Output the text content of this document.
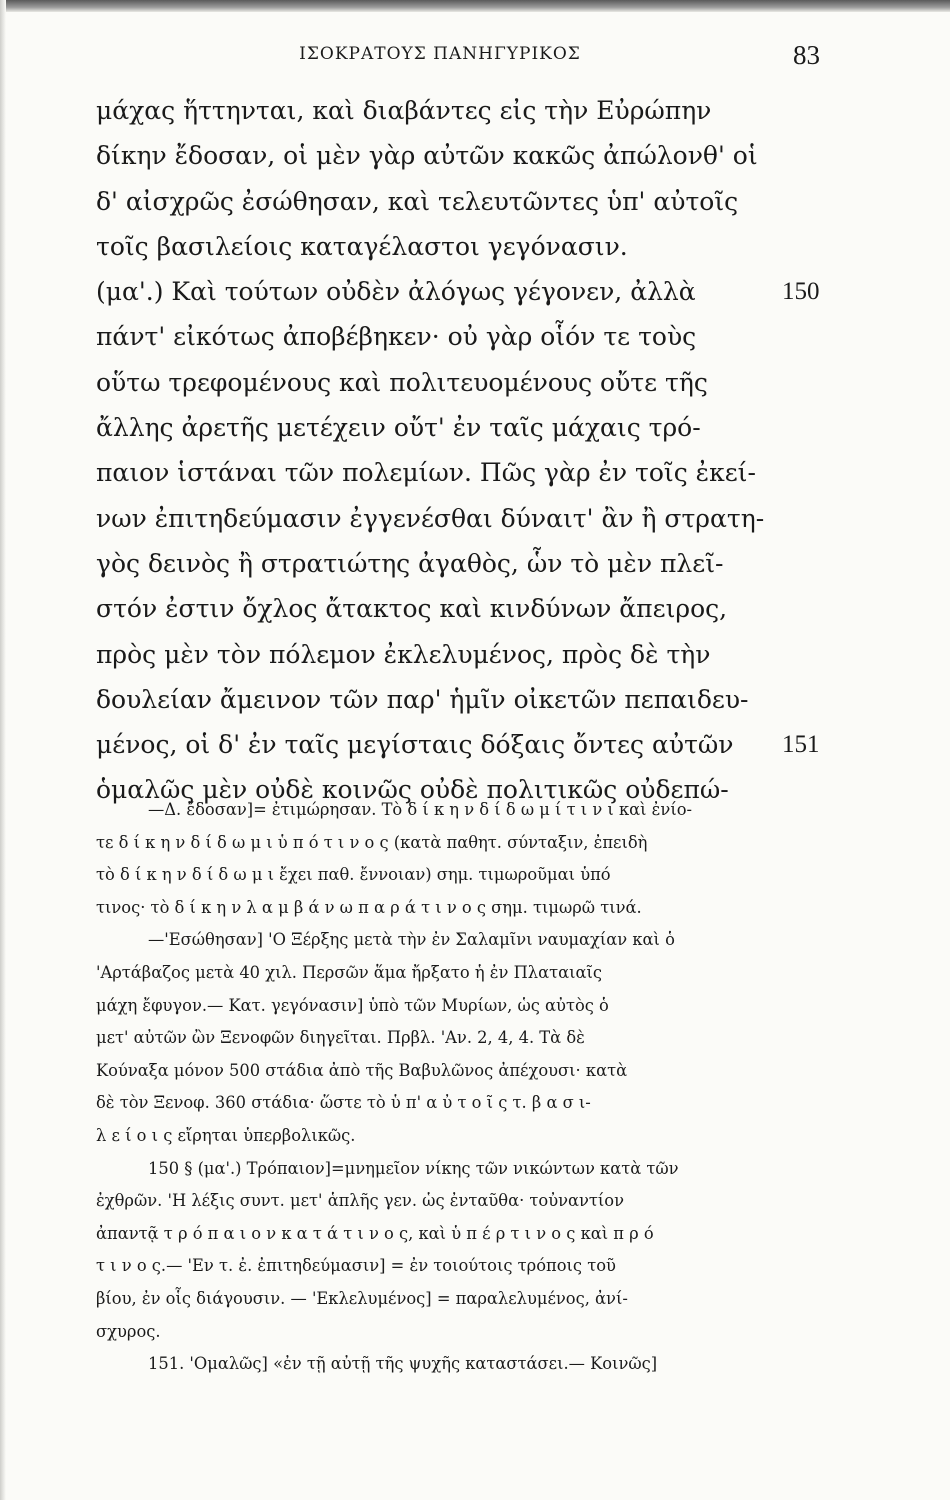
ΙΣΟΚΡΑΤΟΥΣ ΠΑΝΗΓΥΡΙΚΟΣ	83
μάχας ἥττηνται, καὶ διαβάντες εἰς τὴν Εὐρώπην
δίκην ἔδοσαν, οἱ μὲν γὰρ αὐτῶν κακῶς ἀπώλονθ' οἱ
δ' αἰσχρῶς ἐσώθησαν, καὶ τελευτῶντες ὑπ' αὐτοῖς
τοῖς βασιλείοις καταγέλαστοι γεγόνασιν.
(μα'.) Καὶ τούτων οὐδὲν ἀλόγως γέγονεν, ἀλλὰ	150
πάντ' εἰκότως ἀποβέβηκεν· οὐ γὰρ οἷόν τε τοὺς
οὕτω τρεφομένους καὶ πολιτευομένους οὔτε τῆς
ἄλλης ἀρετῆς μετέχειν οὔτ' ἐν ταῖς μάχαις τρό-
παιον ἱστάναι τῶν πολεμίων. Πῶς γὰρ ἐν τοῖς ἐκεί-
νων ἐπιτηδεύμασιν ἐγγενέσθαι δύναιτ' ἂν ἢ στρατη-
γὸς δεινὸς ἢ στρατιώτης ἀγαθὸς, ὧν τὸ μὲν πλεῖ-
στόν ἐστιν ὄχλος ἄτακτος καὶ κινδύνων ἄπειρος,
πρὸς μὲν τὸν πόλεμον ἐκλελυμένος, πρὸς δὲ τὴν
δουλείαν ἄμεινον τῶν παρ' ἡμῖν οἰκετῶν πεπαιδευ-
μένος, οἱ δ' ἐν ταῖς μεγίσταις δόξαις ὄντες αὐτῶν 151
ὁμαλῶς μὲν οὐδὲ κοινῶς οὐδὲ πολιτικῶς οὐδεπώ-
—Δ. ἔδοσαν]= ἐτιμώρησαν. Τὸ δ ί κ η ν δ ί δ ω μ ί τ ι ν ι καὶ ἐνίο-
τε δ ί κ η ν δ ί δ ω μ ι ὑ π ό τ ι ν ο ς (κατὰ παθητ. σύνταξιν, ἐπειδὴ
τὸ δ ί κ η ν δ ί δ ω μ ι ἔχει παθ. ἔννοιαν) σημ. τιμωροῦμαι ὑπό
τινος· τὸ δ ί κ η ν λ α μ β ά ν ω π α ρ ά τ ι ν ο ς σημ. τιμωρῶ τινά.
—'Εσώθησαν] 'Ο Ξέρξης μετὰ τὴν ἐν Σαλαμῖνι ναυμαχίαν καὶ ὁ
'Αρτάβαζος μετὰ 40 χιλ. Περσῶν ἅμα ἤρξατο ἡ ἐν Πλαταιαῖς
μάχη ἔφυγον.— Κατ. γεγόνασιν] ὑπὸ τῶν Μυρίων, ὡς αὐτὸς ὁ
μετ' αὐτῶν ὢν Ξενοφῶν διηγεῖται. Πρβλ. 'Αν. 2, 4, 4. Τὰ δὲ
Κούναξα μόνον 500 στάδια ἀπὸ τῆς Βαβυλῶνος ἀπέχουσι· κατὰ
δὲ τὸν Ξενοφ. 360 στάδια· ὥστε τὸ ὑ π' α ὐ τ ο ῖ ς τ. β α σ ι-
λ ε ί ο ι ς εἴρηται ὑπερβολικῶς.
150 § (μα'.) Τρόπαιον]=μνημεῖον νίκης τῶν νικώντων κατὰ τῶν
ἐχθρῶν. 'Η λέξις συντ. μετ' ἁπλῆς γεν. ὡς ἐνταῦθα· τοὐναντίον
ἀπαντᾷ τ ρ ό π α ι ο ν κ α τ ά τ ι ν ο ς, καὶ ὑ π έ ρ τ ι ν ο ς καὶ π ρ ό
τ ι ν ο ς.— 'Εν τ. ἐ. ἐπιτηδεύμασιν] = ἐν τοιούτοις τρόποις τοῦ
βίου, ἐν οἷς διάγουσιν. — 'Εκλελυμένος] = παραλελυμένος, ἀνί-
σχυρος.
151. 'Ομαλῶς] «ἐν τῇ αὐτῇ τῆς ψυχῆς καταστάσει.— Κοινῶς]
